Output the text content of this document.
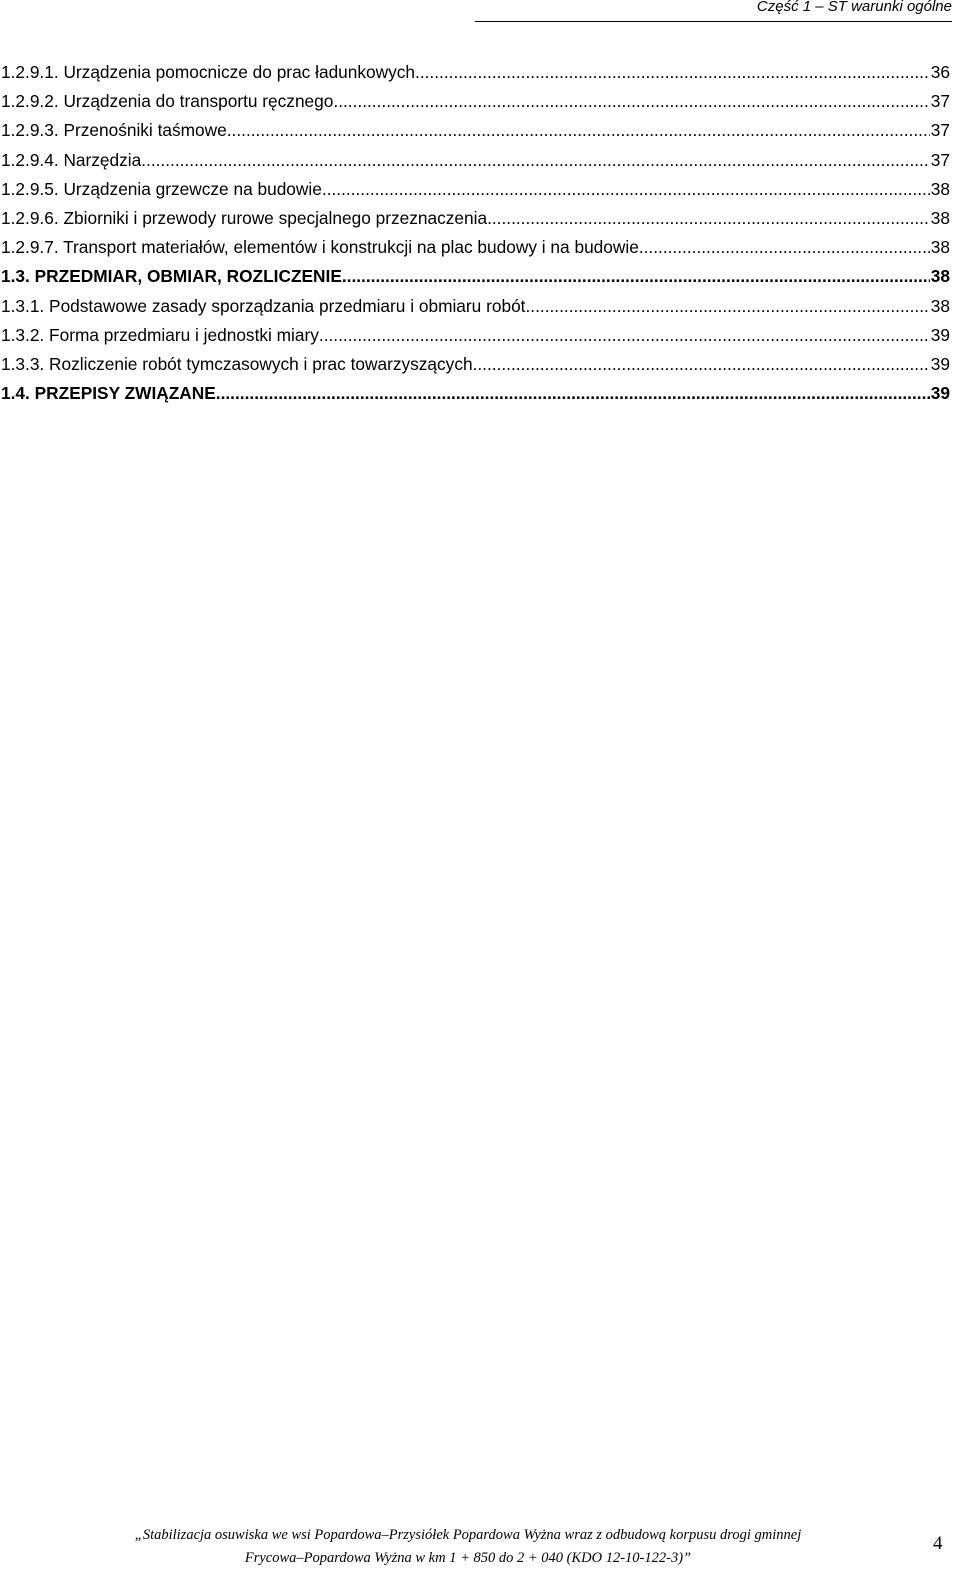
Część 1 – ST warunki ogólne
1.2.9.1. Urządzenia pomocnicze do prac ładunkowych .....	36
1.2.9.2. Urządzenia do transportu ręcznego .....	37
1.2.9.3. Przenośniki taśmowe .....	37
1.2.9.4. Narzędzia .....	37
1.2.9.5. Urządzenia grzewcze na budowie .....	38
1.2.9.6. Zbiorniki i przewody rurowe specjalnego przeznaczenia .....	38
1.2.9.7. Transport materiałów, elementów i konstrukcji na plac budowy i na budowie .....	38
1.3. PRZEDMIAR, OBMIAR, ROZLICZENIE .....	38
1.3.1. Podstawowe zasady sporządzania przedmiaru i obmiaru robót .....	38
1.3.2. Forma przedmiaru i jednostki miary .....	39
1.3.3. Rozliczenie robót tymczasowych i prac towarzyszących .....	39
1.4. PRZEPISY ZWIĄZANE .....	39
„Stabilizacja osuwiska we wsi Popardowa–Przysiółek Popardowa Wyżna wraz z odbudową korpusu drogi gminnej
Frycowa–Popardowa Wyżna w km 1 + 850 do 2 + 040 (KDO 12-10-122-3)”
4
